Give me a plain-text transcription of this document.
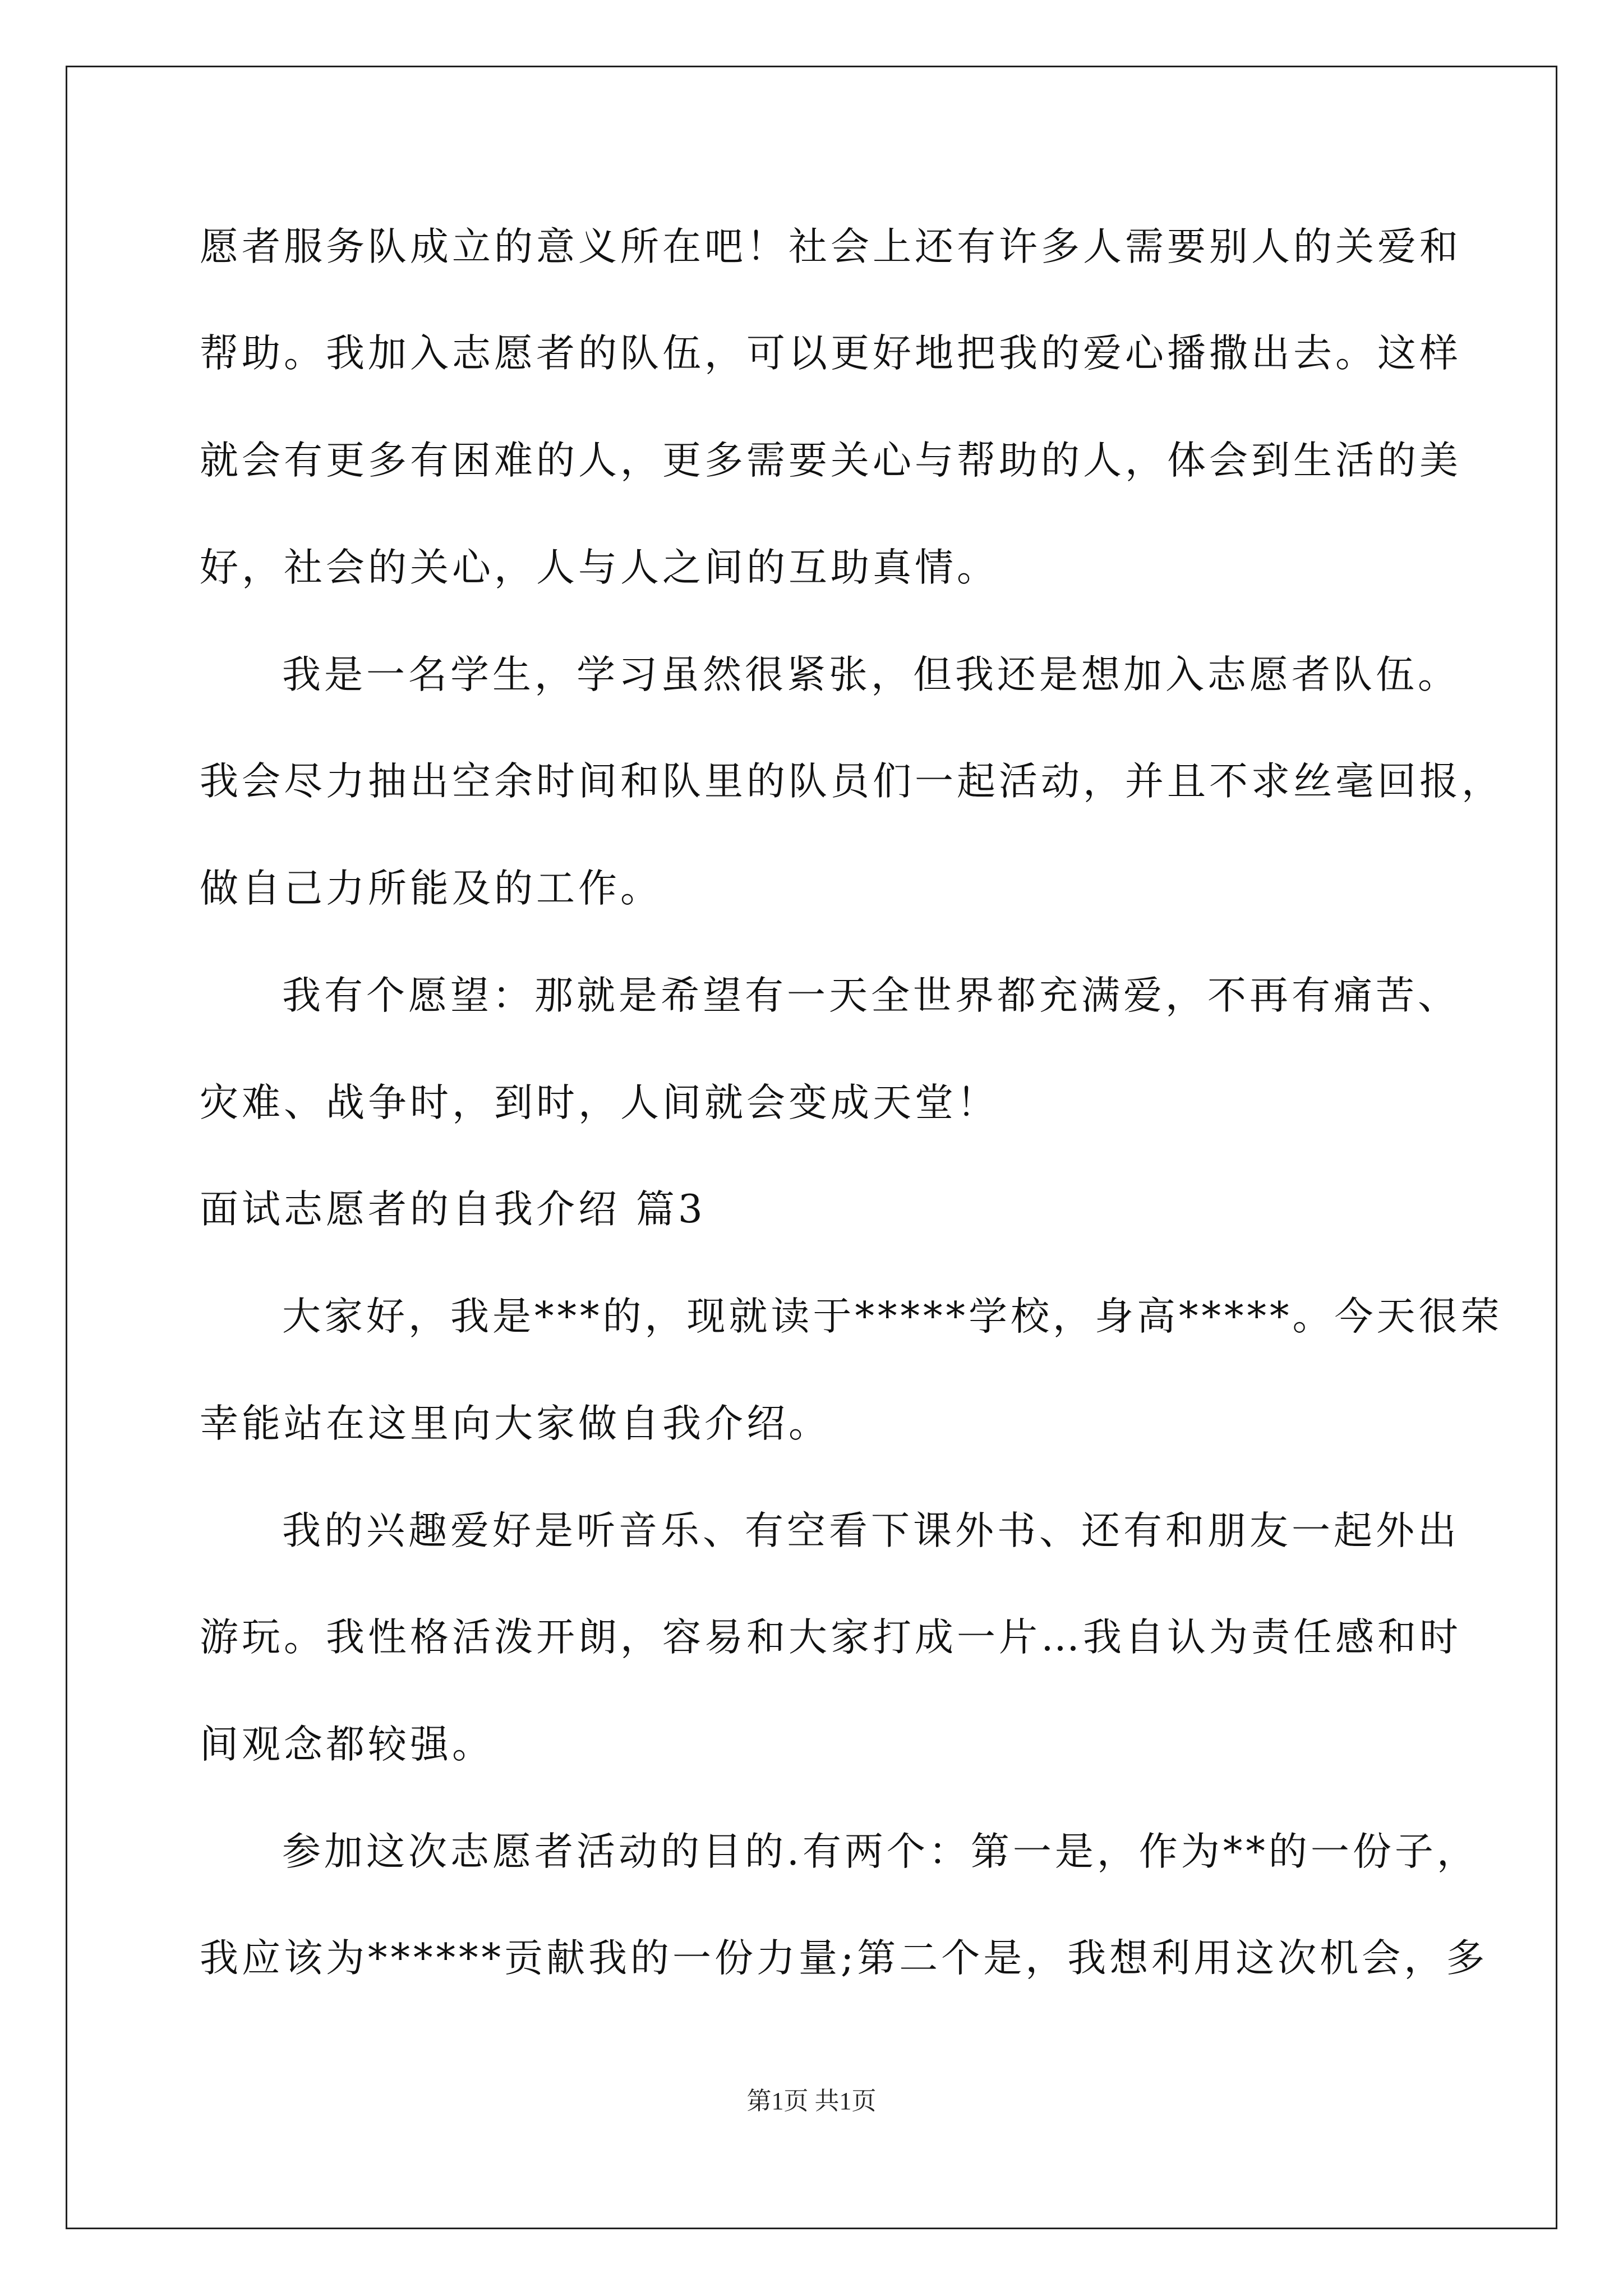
愿者服务队成立的意义所在吧！社会上还有许多人需要别人的关爱和
帮助。我加入志愿者的队伍，可以更好地把我的爱心播撒出去。这样
就会有更多有困难的人，更多需要关心与帮助的人，体会到生活的美
好，社会的关心，人与人之间的互助真情。
我是一名学生，学习虽然很紧张，但我还是想加入志愿者队伍。
我会尽力抽出空余时间和队里的队员们一起活动，并且不求丝毫回报，
做自己力所能及的工作。
我有个愿望：那就是希望有一天全世界都充满爱，不再有痛苦、
灾难、战争时，到时，人间就会变成天堂！
面试志愿者的自我介绍 篇3
大家好，我是***的，现就读于*****学校，身高*****。今天很荣
幸能站在这里向大家做自我介绍。
我的兴趣爱好是听音乐、有空看下课外书、还有和朋友一起外出
游玩。我性格活泼开朗，容易和大家打成一片…我自认为责任感和时
间观念都较强。
参加这次志愿者活动的目的.有两个：第一是，作为**的一份子，
我应该为******贡献我的一份力量;第二个是，我想利用这次机会，多
第1页 共1页
